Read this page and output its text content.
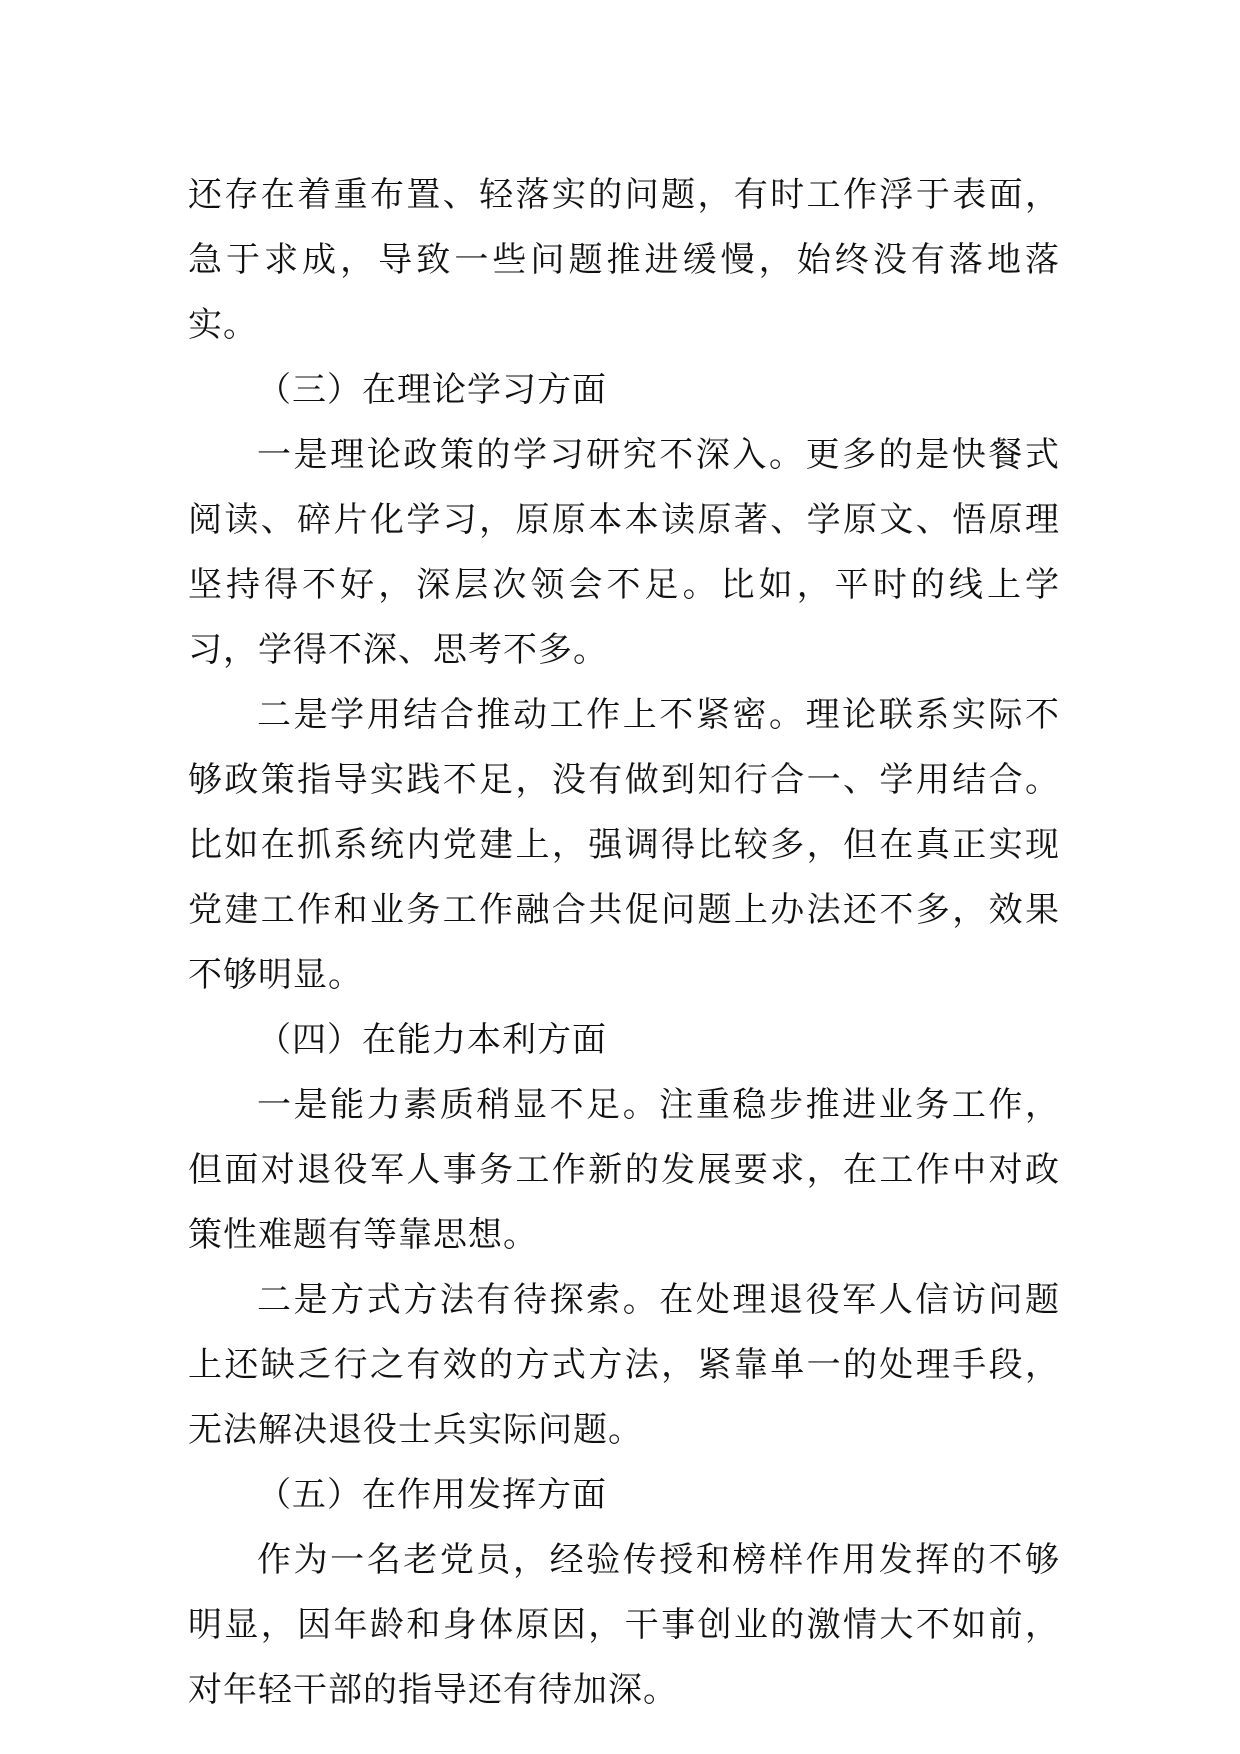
还存在着重布置、轻落实的问题，有时工作浮于表面，急于求成，导致一些问题推进缓慢，始终没有落地落实。

（三）在理论学习方面

一是理论政策的学习研究不深入。更多的是快餐式阅读、碎片化学习，原原本本读原著、学原文、悟原理坚持得不好，深层次领会不足。比如，平时的线上学习，学得不深、思考不多。

二是学用结合推动工作上不紧密。理论联系实际不够政策指导实践不足，没有做到知行合一、学用结合。比如在抓系统内党建上，强调得比较多，但在真正实现党建工作和业务工作融合共促问题上办法还不多，效果不够明显。

（四）在能力本利方面

一是能力素质稍显不足。注重稳步推进业务工作，但面对退役军人事务工作新的发展要求，在工作中对政策性难题有等靠思想。

二是方式方法有待探索。在处理退役军人信访问题上还缺乏行之有效的方式方法，紧靠单一的处理手段，无法解决退役士兵实际问题。

（五）在作用发挥方面

作为一名老党员，经验传授和榜样作用发挥的不够明显，因年龄和身体原因，干事创业的激情大不如前，对年轻干部的指导还有待加深。
